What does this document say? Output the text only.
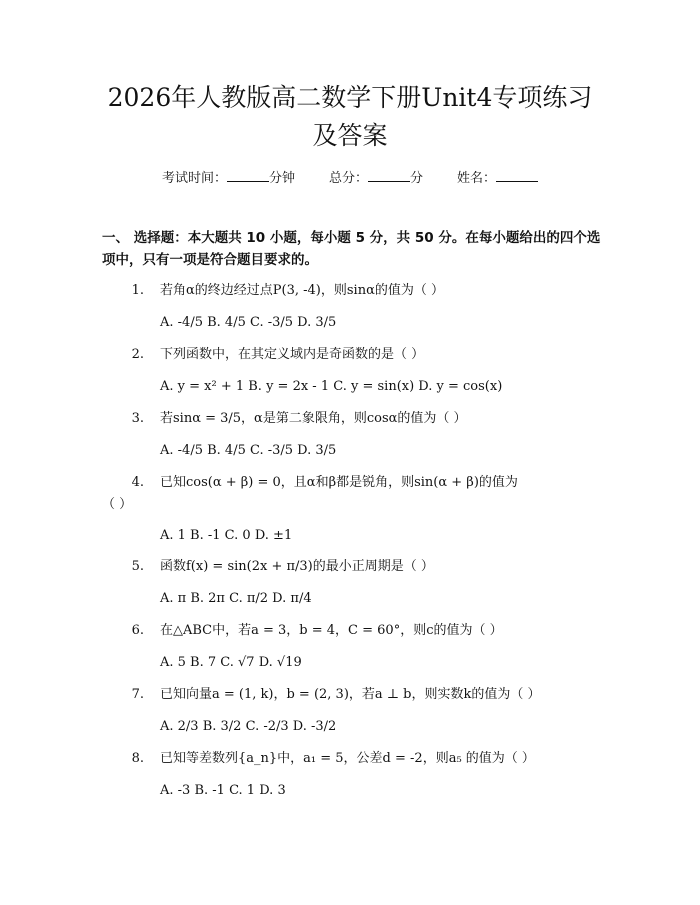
2026年人教版高二数学下册Unit4专项练习
及答案
考试时间：	分钟	总分：	分	姓名：
一、 选择题：本大题共 10 小题，每小题 5 分，共 50 分。在每小题给出的四个选
项中，只有一项是符合题目要求的。
1. 若角α的终边经过点P(3, -4)，则sinα的值为（ ）
A. -4/5 B. 4/5 C. -3/5 D. 3/5
2. 下列函数中，在其定义域内是奇函数的是（ ）
A. y = x² + 1 B. y = 2x - 1 C. y = sin(x) D. y = cos(x)
3. 若sinα = 3/5，α是第二象限角，则cosα的值为（ ）
A. -4/5 B. 4/5 C. -3/5 D. 3/5
4. 已知cos(α + β) = 0，且α和β都是锐角，则sin(α + β)的值为
（ ）
A. 1 B. -1 C. 0 D. ±1
5. 函数f(x) = sin(2x + π/3)的最小正周期是（ ）
A. π B. 2π C. π/2 D. π/4
6. 在△ABC中，若a = 3，b = 4，C = 60°，则c的值为（ ）
A. 5 B. 7 C. √7 D. √19
7. 已知向量a = (1, k)，b = (2, 3)，若a ⊥ b，则实数k的值为（ ）
A. 2/3 B. 3/2 C. -2/3 D. -3/2
8. 已知等差数列{a_n}中，a₁ = 5，公差d = -2，则a₅ 的值为（ ）
A. -3 B. -1 C. 1 D. 3
